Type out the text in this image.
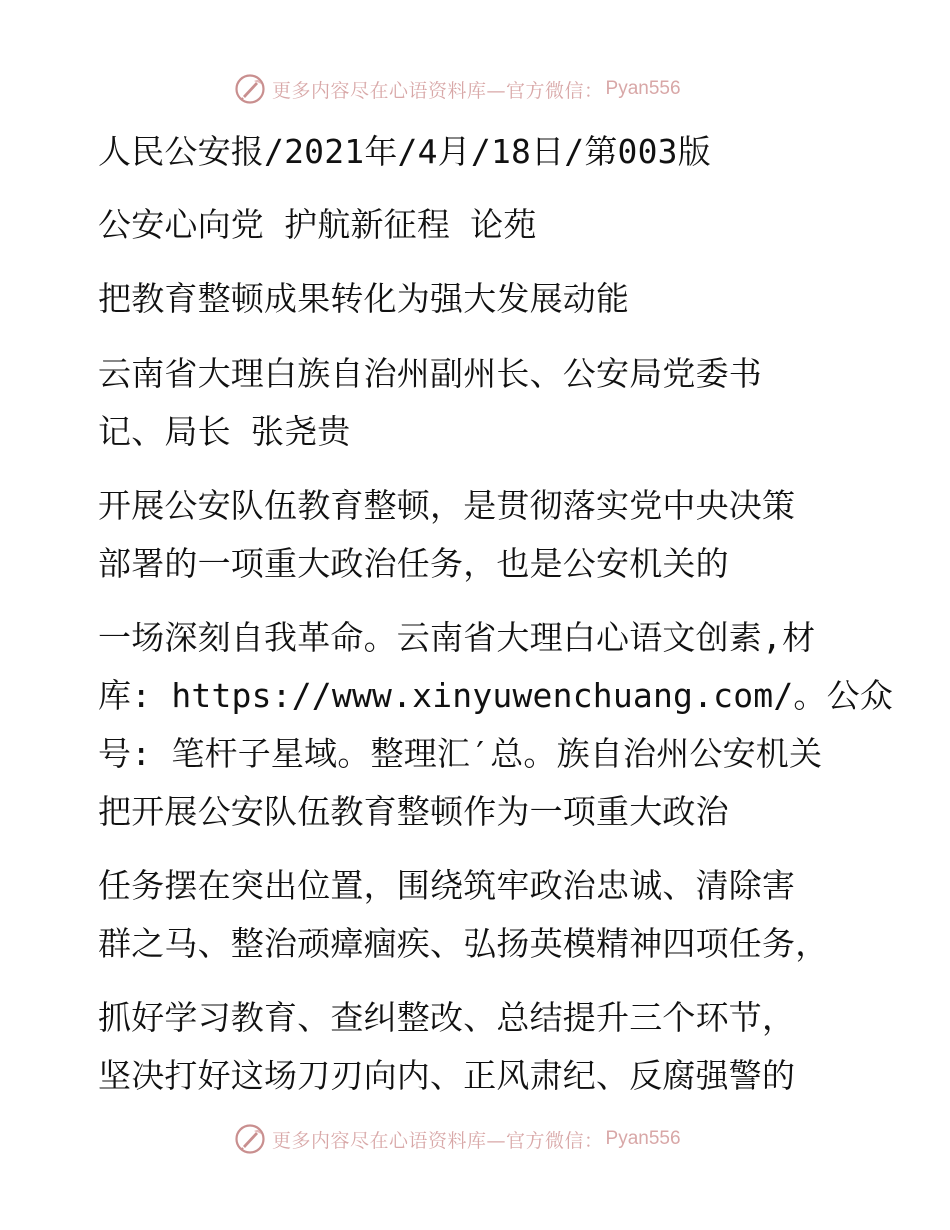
更多内容尽在心语资料库—官方微信： Pyan556
人民公安报/2021年/4月/18日/第003版
公安心向党 护航新征程 论苑
把教育整顿成果转化为强大发展动能
云南省大理白族自治州副州长、公安局党委书
记、局长 张尧贵
开展公安队伍教育整顿，是贯彻落实党中央决策
部署的一项重大政治任务，也是公安机关的
一场深刻自我革命。云南省大理白心语文创素,材
库: https://www.xinyuwenchuang.com/。公众
号: 笔杆子星域。整理汇′总。族自治州公安机关
把开展公安队伍教育整顿作为一项重大政治
任务摆在突出位置，围绕筑牢政治忠诚、清除害
群之马、整治顽瘴痼疾、弘扬英模精神四项任务，
抓好学习教育、查纠整改、总结提升三个环节，
坚决打好这场刀刃向内、正风肃纪、反腐强警的
更多内容尽在心语资料库—官方微信： Pyan556
